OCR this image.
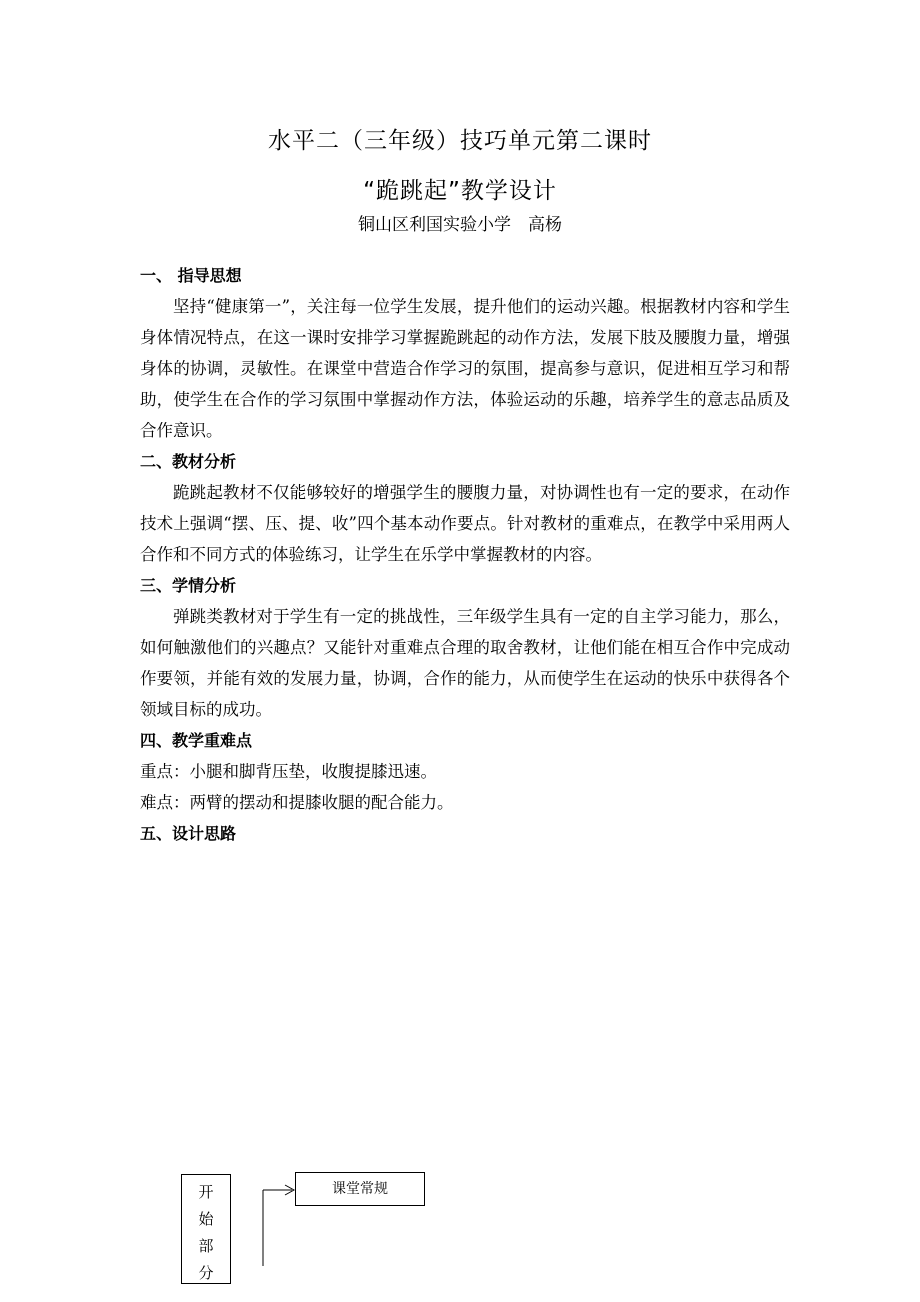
水平二（三年级）技巧单元第二课时
“跪跳起”教学设计
铜山区利国实验小学　高杨

一、 指导思想

坚持“健康第一”，关注每一位学生发展，提升他们的运动兴趣。根据教材内容和学生身体情况特点，在这一课时安排学习掌握跪跳起的动作方法，发展下肢及腰腹力量，增强身体的协调，灵敏性。在课堂中营造合作学习的氛围，提高参与意识，促进相互学习和帮助，使学生在合作的学习氛围中掌握动作方法，体验运动的乐趣，培养学生的意志品质及合作意识。

二、教材分析

跪跳起教材不仅能够较好的增强学生的腰腹力量，对协调性也有一定的要求，在动作技术上强调“摆、压、提、收”四个基本动作要点。针对教材的重难点，在教学中采用两人合作和不同方式的体验练习，让学生在乐学中掌握教材的内容。

三、学情分析

弹跳类教材对于学生有一定的挑战性，三年级学生具有一定的自主学习能力，那么，如何触激他们的兴趣点？又能针对重难点合理的取舍教材，让他们能在相互合作中完成动作要领，并能有效的发展力量，协调，合作的能力，从而使学生在运动的快乐中获得各个领域目标的成功。

四、教学重难点

重点：小腿和脚背压垫，收腹提膝迅速。

难点：两臂的摆动和提膝收腿的配合能力。

五、设计思路

开
始
部
分
课堂常规
